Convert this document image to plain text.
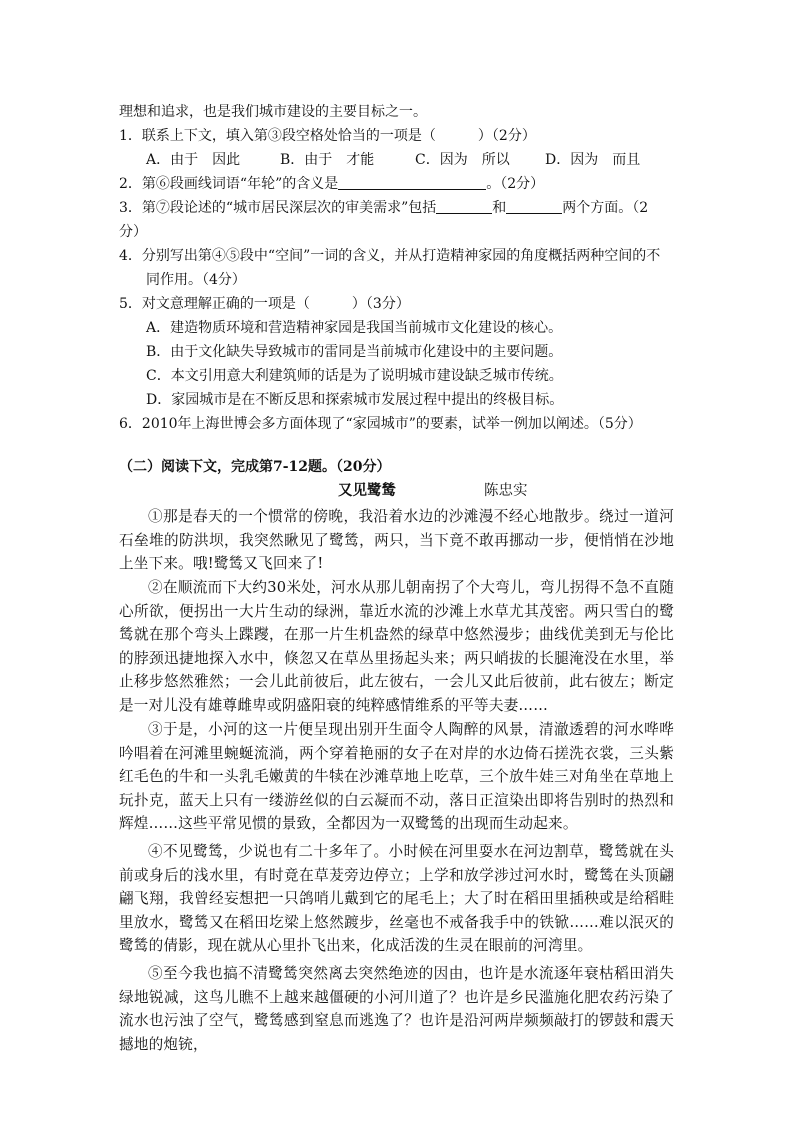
理想和追求，也是我们城市建设的主要目标之一。
1．联系上下文，填入第③段空格处恰当的一项是（　　　）（2分）
A．由于　因此	B．由于　才能	C．因为　所以	D．因为　而且
2．第⑥段画线词语“年轮”的含义是	。（2分）
3．第⑦段论述的“城市居民深层次的审美需求”包括	和	两个方面。（2
分）
4．分别写出第④⑤段中“空间”一词的含义，并从打造精神家园的角度概括两种空间的不
同作用。（4分）
5．对文意理解正确的一项是（　　　）（3分）
A．建造物质环境和营造精神家园是我国当前城市文化建设的核心。
B．由于文化缺失导致城市的雷同是当前城市化建设中的主要问题。
C．本文引用意大利建筑师的话是为了说明城市建设缺乏城市传统。
D．家园城市是在不断反思和探索城市发展过程中提出的终极目标。
6．2010年上海世博会多方面体现了“家园城市”的要素，试举一例加以阐述。（5分）
（二）阅读下文，完成第7-12题。（20分）
又见鹭鸶	陈忠实
①那是春天的一个惯常的傍晚，我沿着水边的沙滩漫不经心地散步。绕过一道河石垒堆的防洪坝，我突然瞅见了鹭鸶，两只，当下竟不敢再挪动一步，便悄悄在沙地上坐下来。哦!鹭鸶又飞回来了!
②在顺流而下大约30米处，河水从那儿朝南拐了个大弯儿，弯儿拐得不急不直随心所欲，便拐出一大片生动的绿洲，靠近水流的沙滩上水草尤其茂密。两只雪白的鹭鸶就在那个弯头上蹀躞，在那一片生机盎然的绿草中悠然漫步；曲线优美到无与伦比的脖颈迅捷地探入水中，倏忽又在草丛里扬起头来；两只峭拔的长腿淹没在水里，举止移步悠然雅然；一会儿此前彼后，此左彼右，一会儿又此后彼前，此右彼左；断定是一对儿没有雄尊雌卑或阴盛阳衰的纯粹感情维系的平等夫妻……
③于是，小河的这一片便呈现出别开生面令人陶醉的风景，清澈透碧的河水哗哗吟唱着在河滩里蜿蜒流淌，两个穿着艳丽的女子在对岸的水边倚石搓洗衣裳，三头紫红毛色的牛和一头乳毛嫩黄的牛犊在沙滩草地上吃草，三个放牛娃三对角坐在草地上玩扑克，蓝天上只有一缕游丝似的白云凝而不动，落日正渲染出即将告别时的热烈和辉煌……这些平常见惯的景致，全都因为一双鹭鸶的出现而生动起来。
④不见鹭鸶，少说也有二十多年了。小时候在河里耍水在河边割草，鹭鸶就在头前或身后的浅水里，有时竟在草茇旁边停立；上学和放学涉过河水时，鹭鸶在头顶翩翩飞翔，我曾经妄想把一只鸽哨儿戴到它的尾毛上；大了时在稻田里插秧或是给稻畦里放水，鹭鸶又在稻田圪梁上悠然踱步，丝毫也不戒备我手中的铁锨……难以泯灭的鹭鸶的倩影，现在就从心里扑飞出来，化成活泼的生灵在眼前的河湾里。
⑤至今我也搞不清鹭鸶突然离去突然绝迹的因由，也许是水流逐年衰枯稻田消失绿地锐减，这鸟儿瞧不上越来越僵硬的小河川道了？也许是乡民滥施化肥农药污染了流水也污浊了空气，鹭鸶感到窒息而逃逸了？也许是沿河两岸频频敲打的锣鼓和震天撼地的炮铳，
